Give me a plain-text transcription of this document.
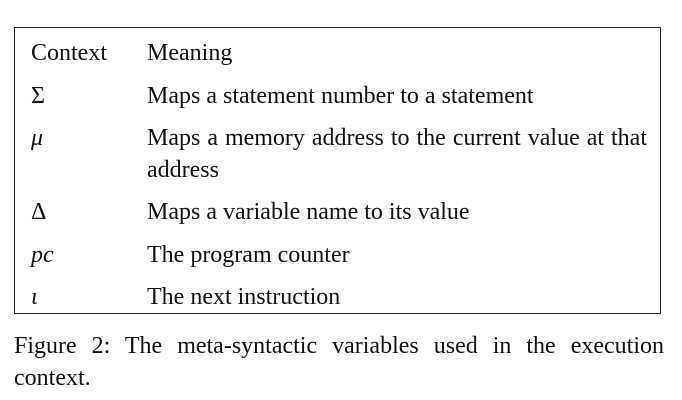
Context Meaning
Σ	Maps a statement number to a statement
μ	Maps a memory address to the current value at that address
Δ	Maps a variable name to its value
pc	The program counter
ι	The next instruction
Figure 2: The meta-syntactic variables used in the execution context.
